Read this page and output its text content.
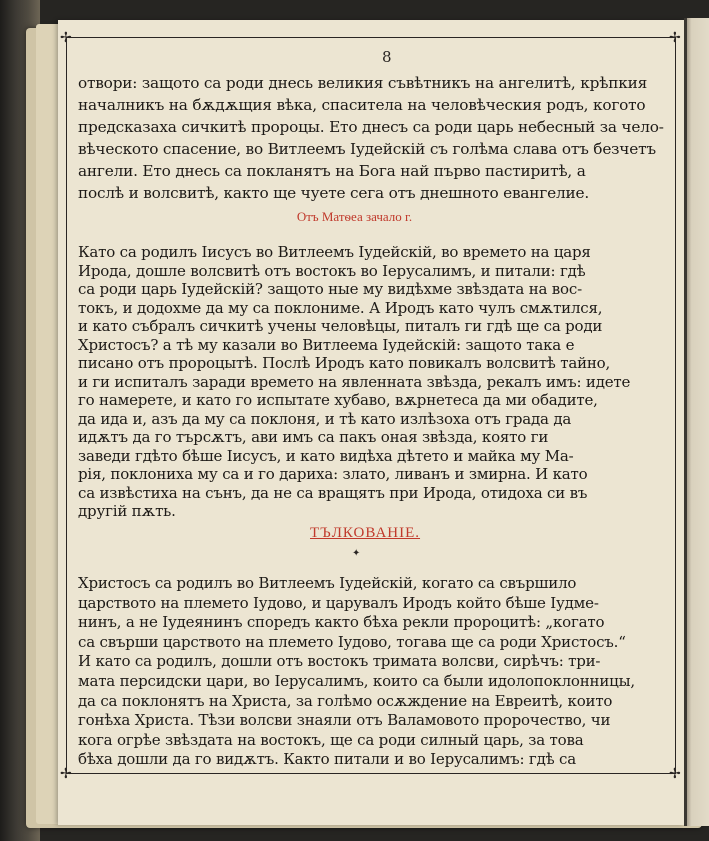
✢	✢
✢	✢
8
отвори: защото са роди днесь великия съвѣтникъ на ангелитѣ, крѣпкия
началникъ на бѫдѫщия вѣка, спаситела на человѣческия родъ, когото
предсказаха сичкитѣ пророцы. Ето днесъ са роди царь небесный за чело-
вѣческото спасение, во Витлеемъ Іудейскій съ голѣма слава отъ безчетъ
ангели. Ето днесь са покланятъ на Бога най първо пастиритѣ, а
послѣ и волсвитѣ, както ще чуете сега отъ днешното евангелие.
Отъ Матѳеа зачало г.
ТЪЛКОВАНІЕ.
✦
Като са родилъ Іисусъ во Витлеемъ Іудейскій, во времето на царя
Ирода, дошле волсвитѣ отъ востокъ во Іерусалимъ, и питали: гдѣ
са роди царь Іудейскій? защото ные му видѣхме звѣздата на вос-
токъ, и додохме да му са поклониме. А Иродъ като чулъ смѫтился,
и като събралъ сичкитѣ учены человѣцы, питалъ ги гдѣ ще са роди
Христосъ? а тѣ му казали во Витлеема Іудейскій: защото така е
писано отъ пророцытѣ. Послѣ Иродъ като повикалъ волсвитѣ тайно,
и ги испиталъ заради времето на явленната звѣзда, рекалъ имъ: идете
го намерете, и като го испытате хубаво, вѫрнетеса да ми обадите,
да ида и, азъ да му са поклоня, и тѣ като излѣзоха отъ града да
идѫтъ да го търсѫтъ, ави имъ са пакъ оная звѣзда, която ги
заведи гдѣто бѣше Іисусъ, и като видѣха дѣтето и майка му Ма-
рія, поклониха му са и го дариха: злато, ливанъ и змирна. И като
са извѣстиха на сънъ, да не са вращятъ при Ирода, отидоха си въ
другій пѫть.
Христосъ са родилъ во Витлеемъ Іудейскій, когато са свършило
царството на племето Іудово, и царувалъ Иродъ който бѣше Іудме-
нинъ, а не Іудеянинъ споредъ както бѣха рекли пророцитѣ: „когато
са свърши царството на племето Іудово, тогава ще са роди Христосъ.“
И като са родилъ, дошли отъ востокъ тримата волсви, сирѣчъ: три-
мата персидски цари, во Іерусалимъ, които са были идолопоклонницы,
да са поклонятъ на Христа, за голѣмо осѫждение на Евреитѣ, които
гонѣха Христа. Тѣзи волсви знаяли отъ Валамовото пророчество, чи
кога огрѣе звѣздата на востокъ, ще са роди силный царь, за това
бѣха дошли да го видѫтъ. Както питали и во Іерусалимъ: гдѣ са
